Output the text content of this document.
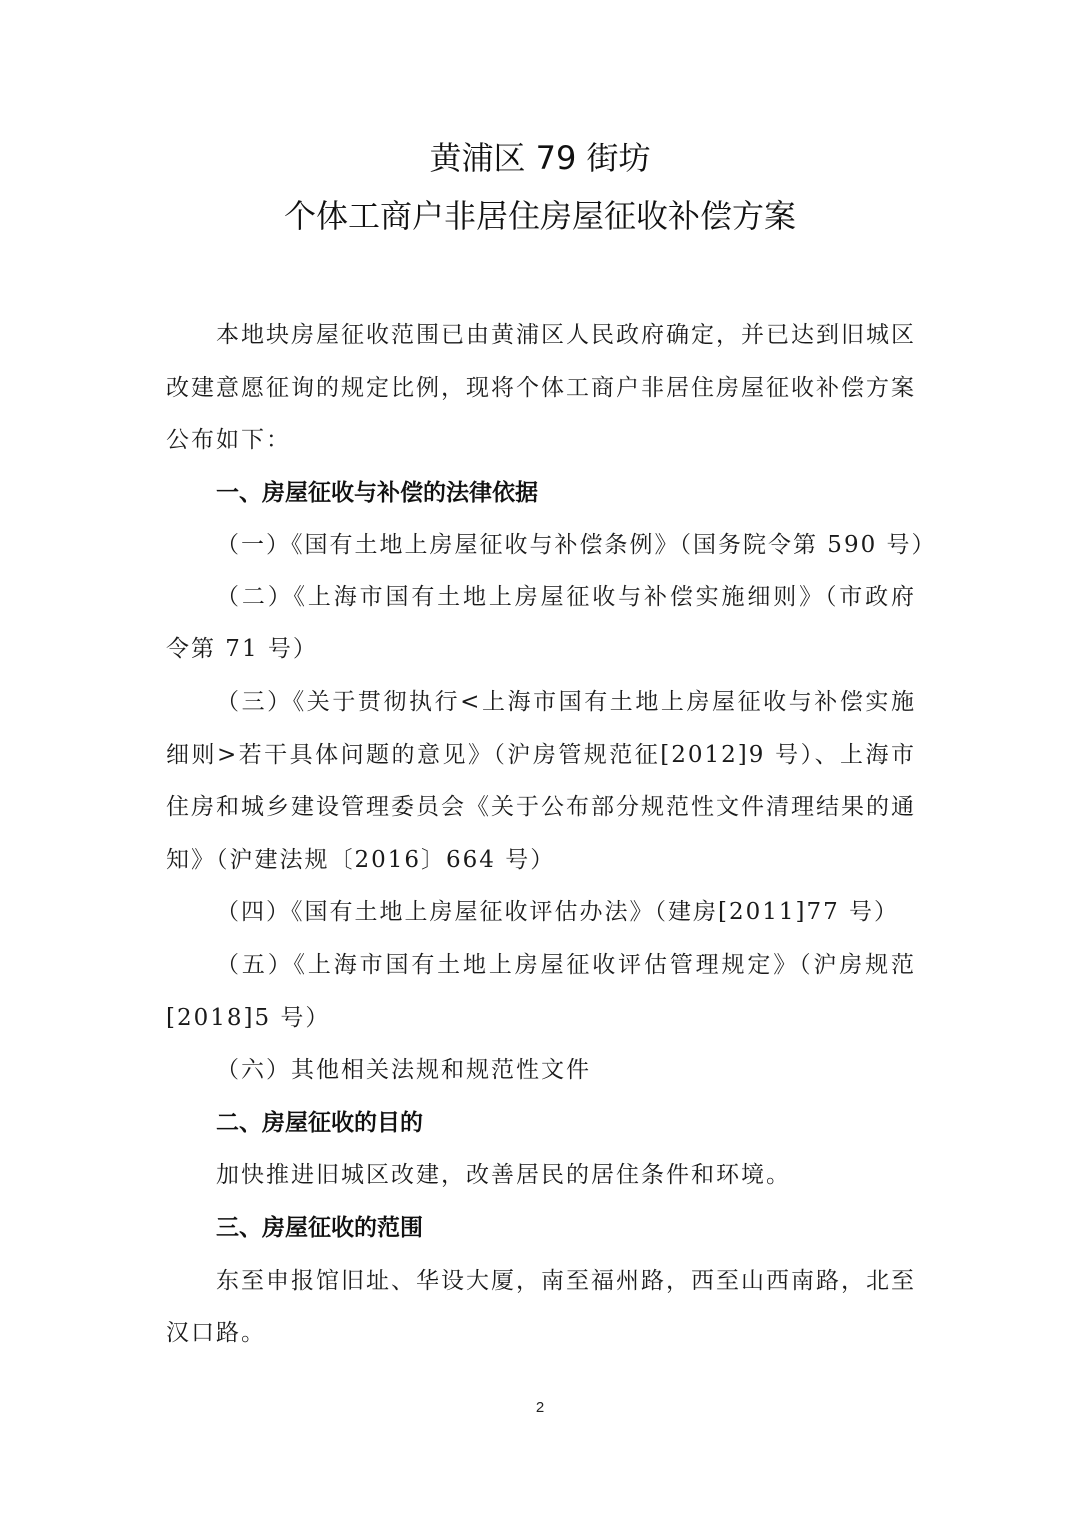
黄浦区 79 街坊
个体工商户非居住房屋征收补偿方案
本地块房屋征收范围已由黄浦区人民政府确定，并已达到旧城区
改建意愿征询的规定比例，现将个体工商户非居住房屋征收补偿方案
公布如下：
一、房屋征收与补偿的法律依据
（一）《国有土地上房屋征收与补偿条例》（国务院令第 590 号）
（二）《上海市国有土地上房屋征收与补偿实施细则》（市政府
令第 71 号）
（三）《关于贯彻执行<上海市国有土地上房屋征收与补偿实施
细则>若干具体问题的意见》（沪房管规范征[2012]9 号）、上海市
住房和城乡建设管理委员会《关于公布部分规范性文件清理结果的通
知》（沪建法规〔2016〕664 号）
（四）《国有土地上房屋征收评估办法》（建房[2011]77 号）
（五）《上海市国有土地上房屋征收评估管理规定》（沪房规范
[2018]5 号）
（六）其他相关法规和规范性文件
二、房屋征收的目的
加快推进旧城区改建，改善居民的居住条件和环境。
三、房屋征收的范围
东至申报馆旧址、华设大厦，南至福州路，西至山西南路，北至
汉口路。
2
